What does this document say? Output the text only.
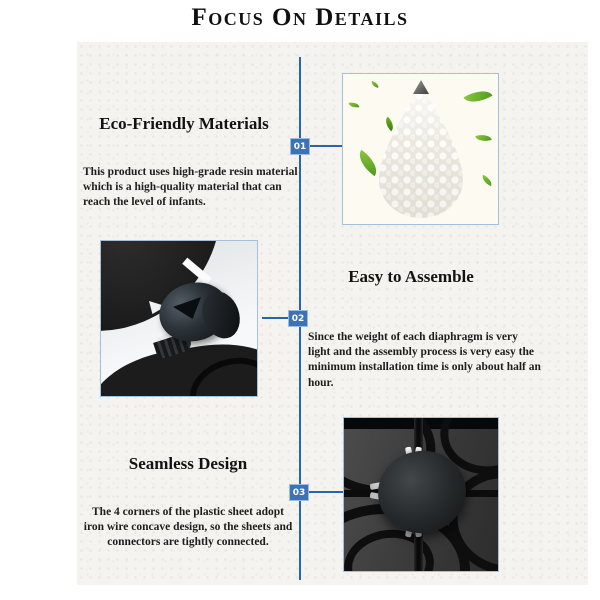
Focus On Details
01
02
03
Eco-Friendly Materials
This product uses high-grade resin material which is a high-quality material that can reach the level of infants.
Easy to Assemble
Since the weight of each diaphragm is very light and the assembly process is very easy the minimum installation time is only about half an hour.
Seamless Design
The 4 corners of the plastic sheet adopt iron wire concave design, so the sheets and connectors are tightly connected.
